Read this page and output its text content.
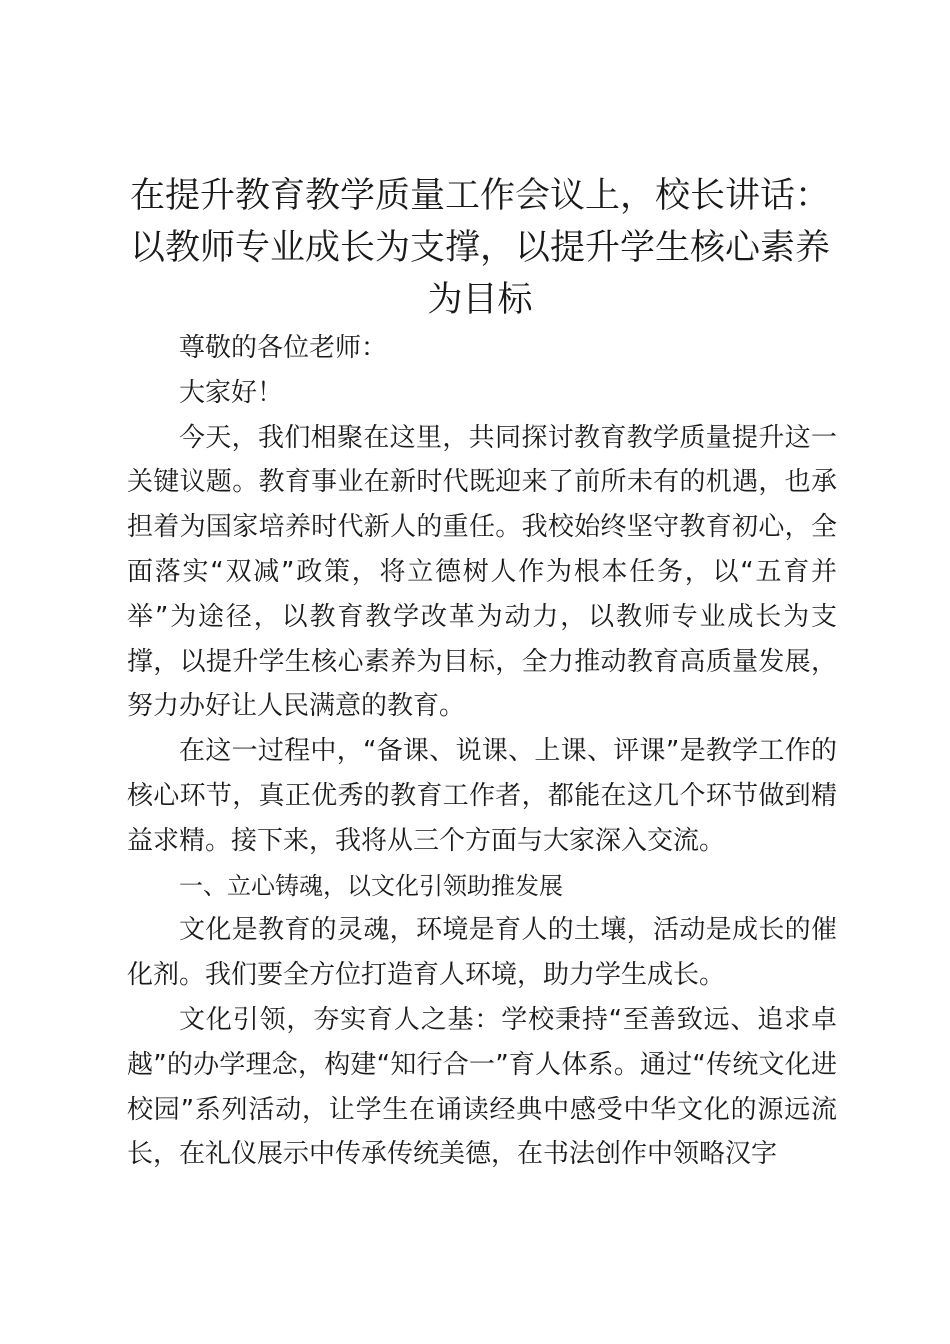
在提升教育教学质量工作会议上，校长讲话：
以教师专业成长为支撑，以提升学生核心素养
为目标

尊敬的各位老师：

大家好！

今天，我们相聚在这里，共同探讨教育教学质量提升这一关键议题。教育事业在新时代既迎来了前所未有的机遇，也承担着为国家培养时代新人的重任。我校始终坚守教育初心，全面落实“双减”政策，将立德树人作为根本任务，以“五育并举”为途径，以教育教学改革为动力，以教师专业成长为支撑，以提升学生核心素养为目标，全力推动教育高质量发展，努力办好让人民满意的教育。

在这一过程中，“备课、说课、上课、评课”是教学工作的核心环节，真正优秀的教育工作者，都能在这几个环节做到精益求精。接下来，我将从三个方面与大家深入交流。

一、立心铸魂，以文化引领助推发展

文化是教育的灵魂，环境是育人的土壤，活动是成长的催化剂。我们要全方位打造育人环境，助力学生成长。

文化引领，夯实育人之基：学校秉持“至善致远、追求卓越”的办学理念，构建“知行合一”育人体系。通过“传统文化进校园”系列活动，让学生在诵读经典中感受中华文化的源远流长，在礼仪展示中传承传统美德，在书法创作中领略汉字
